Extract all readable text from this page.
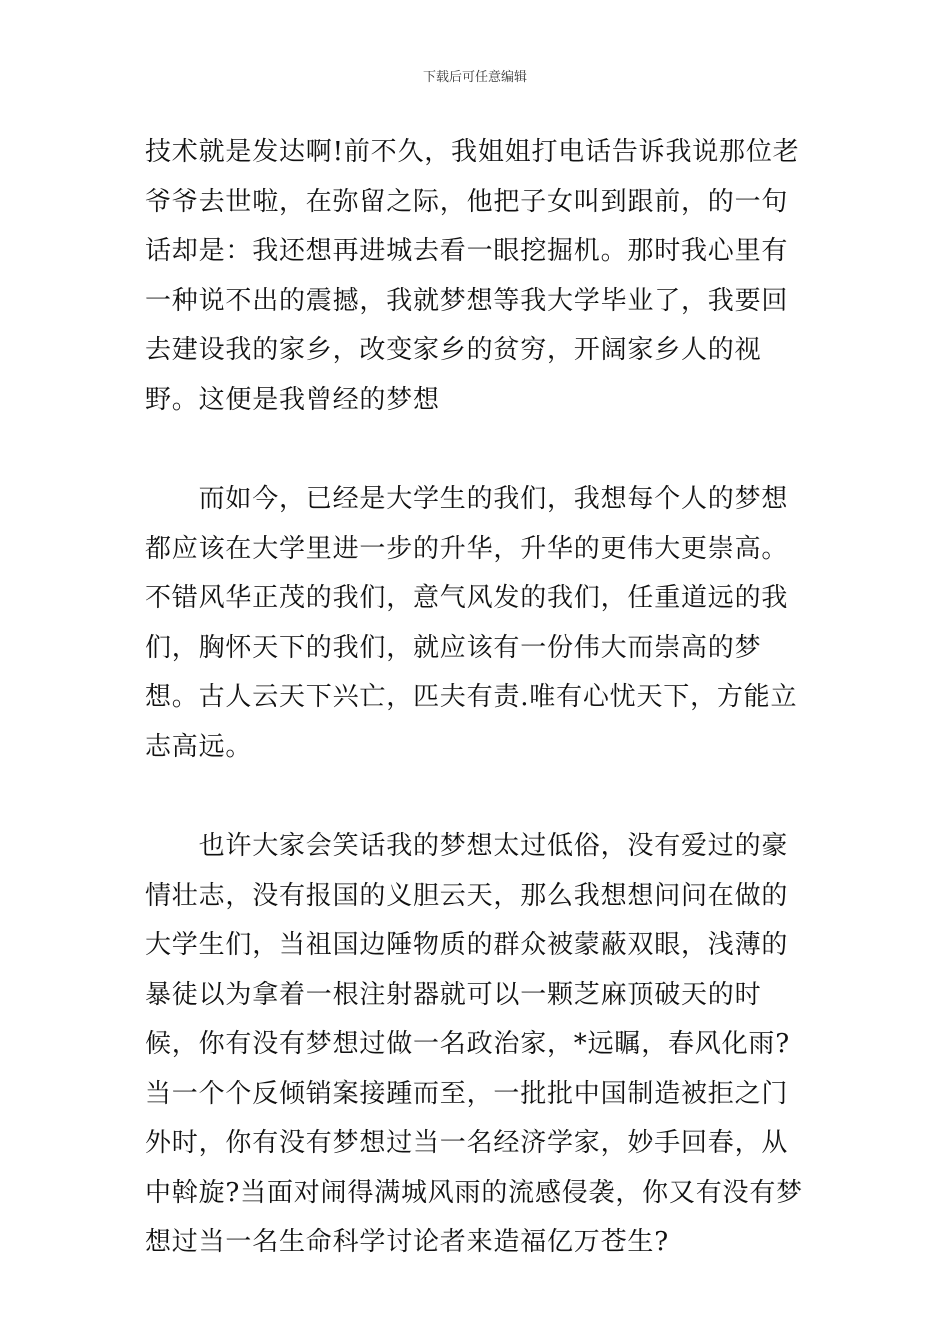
下载后可任意编辑

技术就是发达啊!前不久，我姐姐打电话告诉我说那位老爷爷去世啦，在弥留之际，他把子女叫到跟前，的一句话却是：我还想再进城去看一眼挖掘机。那时我心里有一种说不出的震撼，我就梦想等我大学毕业了，我要回去建设我的家乡，改变家乡的贫穷，开阔家乡人的视野。这便是我曾经的梦想

　　而如今，已经是大学生的我们，我想每个人的梦想都应该在大学里进一步的升华，升华的更伟大更崇高。不错风华正茂的我们，意气风发的我们，任重道远的我们，胸怀天下的我们，就应该有一份伟大而崇高的梦想。古人云天下兴亡，匹夫有责.唯有心忧天下，方能立志高远。

　　也许大家会笑话我的梦想太过低俗，没有爱过的豪情壮志，没有报国的义胆云天，那么我想想问问在做的大学生们，当祖国边陲物质的群众被蒙蔽双眼，浅薄的暴徒以为拿着一根注射器就可以一颗芝麻顶破天的时候，你有没有梦想过做一名政治家，*远瞩，春风化雨?当一个个反倾销案接踵而至，一批批中国制造被拒之门外时，你有没有梦想过当一名经济学家，妙手回春，从中斡旋?当面对闹得满城风雨的流感侵袭，你又有没有梦想过当一名生命科学讨论者来造福亿万苍生?
